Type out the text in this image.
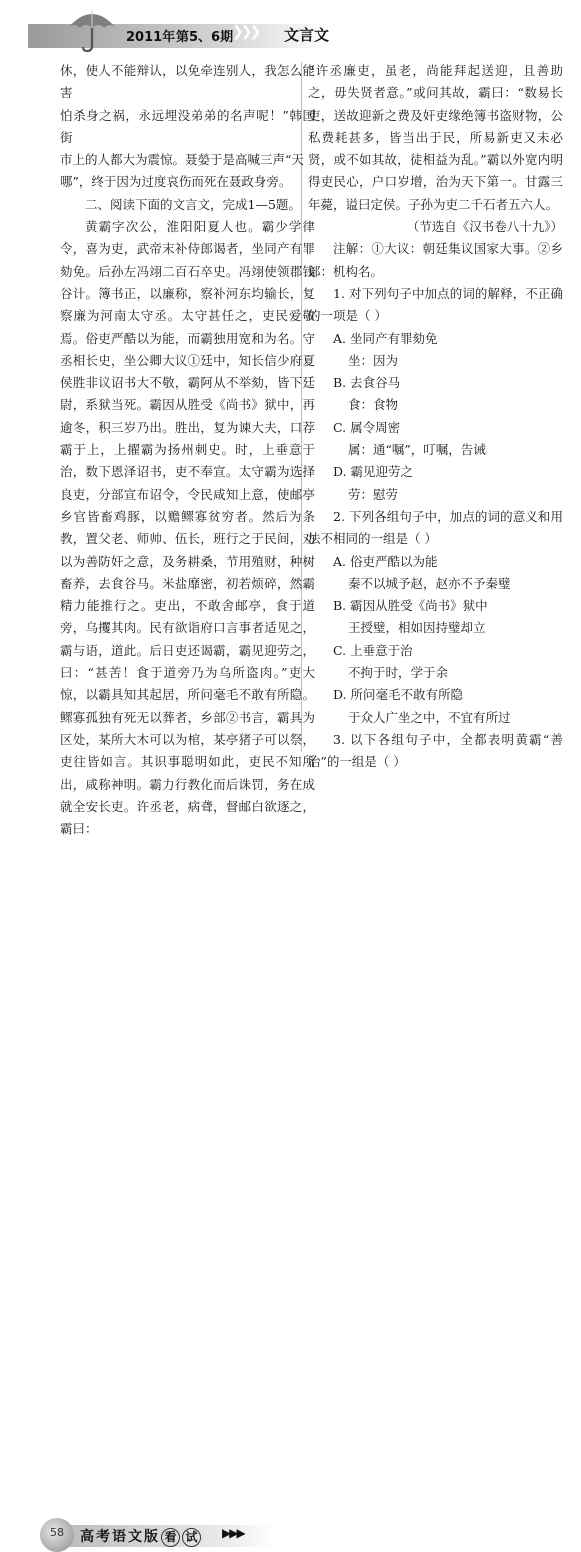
2011年 第5、6期
❯❯❯ 文言文

休，使人不能辩认，以免牵连别人，我怎么能害

怕杀身之祸，永远埋没弟弟的名声呢！”韩国街

市上的人都大为震惊。聂嫈于是高喊三声“天

哪”，终于因为过度哀伤而死在聂政身旁。

二、阅读下面的文言文，完成1—5题。

黄霸字次公，淮阳阳夏人也。霸少学律令，喜为吏，武帝末补侍郎谒者，坐同产有罪劾免。后孙左冯翊二百石卒史。冯翊使领郡钱谷计。簿书正，以廉称，察补河东均输长，复察廉为河南太守丞。太守甚任之，吏民爱敬焉。俗吏严酷以为能，而霸独用宽和为名。守丞相长史，坐公卿大议①廷中，知长信少府夏侯胜非议诏书大不敬，霸阿从不举劾，皆下廷尉，系狱当死。霸因从胜受《尚书》狱中，再逾冬，积三岁乃出。胜出，复为谏大夫，口荐霸于上，上擢霸为扬州刺史。时，上垂意于治，数下恩泽诏书，吏不奉宣。太守霸为选择良吏，分部宣布诏令，令民咸知上意，使邮亭乡官皆畜鸡豚，以赡鳏寡贫穷者。然后为条教，置父老、师帅、伍长，班行之于民间，劝以为善防奸之意，及务耕桑，节用殖财，种树畜养，去食谷马。米盐靡密，初若烦碎，然霸精力能推行之。吏出，不敢舍邮亭，食于道旁，乌攫其肉。民有欲诣府口言事者适见之，霸与语，道此。后日吏还谒霸，霸见迎劳之，曰：“甚苦！食于道旁乃为乌所盗肉。”吏大惊，以霸具知其起居，所问毫毛不敢有所隐。鳏寡孤独有死无以葬者，乡部②书言，霸具为区处，某所大木可以为棺，某亭猪子可以祭，吏往皆如言。其识事聪明如此，吏民不知所出，咸称神明。霸力行教化而后诛罚，务在成就全安长吏。许丞老，病聋，督邮白欲逐之，霸曰：

“许丞廉吏，虽老，尚能拜起送迎，且善助之，毋失贤者意。”或问其故，霸曰：“数易长吏，送故迎新之费及奸吏缘绝簿书盗财物，公私费耗甚多，皆当出于民，所易新吏又未必贤，或不如其故，徒相益为乱。”霸以外宽内明得吏民心，户口岁增，治为天下第一。甘露三年薨，谥曰定侯。子孙为吏二千石者五六人。

（节选自《汉书卷八十九》）

注解：①大议：朝廷集议国家大事。②乡部：机构名。

1. 对下列句子中加点的词的解释，不正确的一项是（ ）

A. 坐同产有罪劾免

坐：因为

B. 去食谷马

食：食物

C. 属令周密

属：通“嘱”，叮嘱，告诫

D. 霸见迎劳之

劳：慰劳

2. 下列各组句子中，加点的词的意义和用法不相同的一组是（ ）

A. 俗吏严酷以为能

秦不以城予赵，赵亦不予秦璧

B. 霸因从胜受《尚书》狱中

王授璧，相如因持璧却立

C. 上垂意于治

不拘于时，学于余

D. 所问毫毛不敢有所隐

于众人广坐之中，不宜有所过

3. 以下各组句子中，全都表明黄霸“善治”的一组是（ ）

58	高考语文版 看 试	▶▶▶
